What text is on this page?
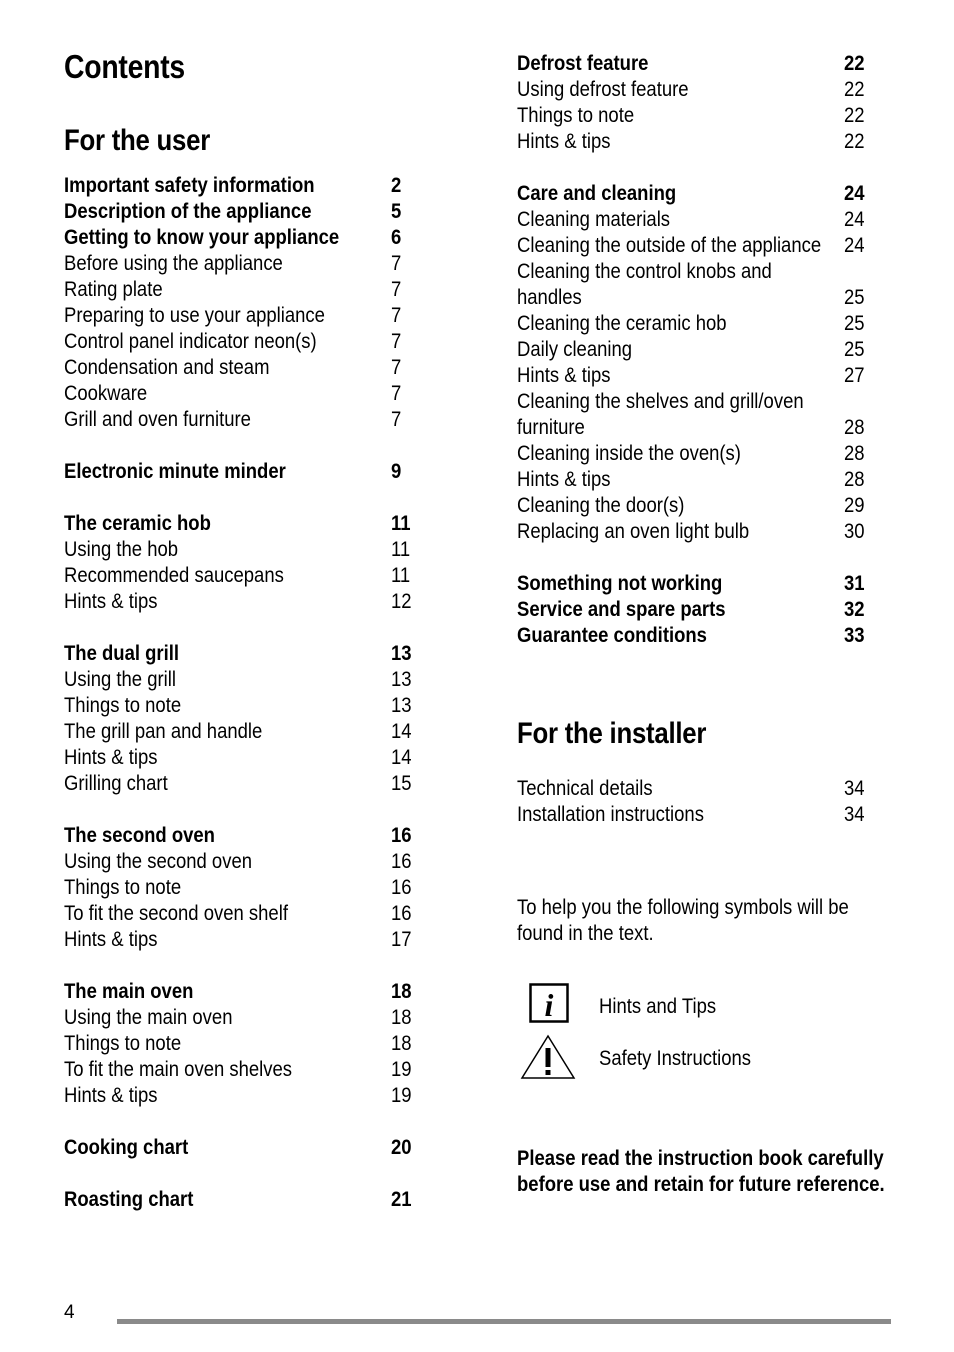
Contents
For the user
Important safety information	2
Description of the appliance	5
Getting to know your appliance 6
Before using the appliance	7
Rating plate	7
Preparing to use your appliance	7
Control panel indicator neon(s)	7
Condensation and steam	7
Cookware	7
Grill and oven furniture	7
Electronic minute minder	9
The ceramic hob	11
Using the hob	11
Recommended saucepans	11
Hints & tips	12
The dual grill	13
Using the grill	13
Things to note	13
The grill pan and handle	14
Hints & tips	14
Grilling chart	15
The second oven	16
Using the second oven	16
Things to note	16
To fit the second oven shelf	16
Hints & tips	17
The main oven	18
Using the main oven	18
Things to note	18
To fit the main oven shelves	19
Hints & tips	19
Cooking chart	20
Roasting chart	21
Defrost feature	22
Using defrost feature	22
Things to note	22
Hints & tips	22
Care and cleaning	24
Cleaning materials	24
Cleaning the outside of the appliance 24
Cleaning the control knobs and handles	25
Cleaning the ceramic hob	25
Daily cleaning	25
Hints & tips	27
Cleaning the shelves and grill/oven furniture	28
Cleaning inside the oven(s)	28
Hints & tips	28
Cleaning the door(s)	29
Replacing an oven light bulb	30
Something not working	31
Service and spare parts	32
Guarantee conditions	33
For the installer
Technical details	34
Installation instructions	34
To help you the following symbols will be found in the text.
i Hints and Tips
Safety Instructions
Please read the instruction book carefully before use and retain for future reference.
4
